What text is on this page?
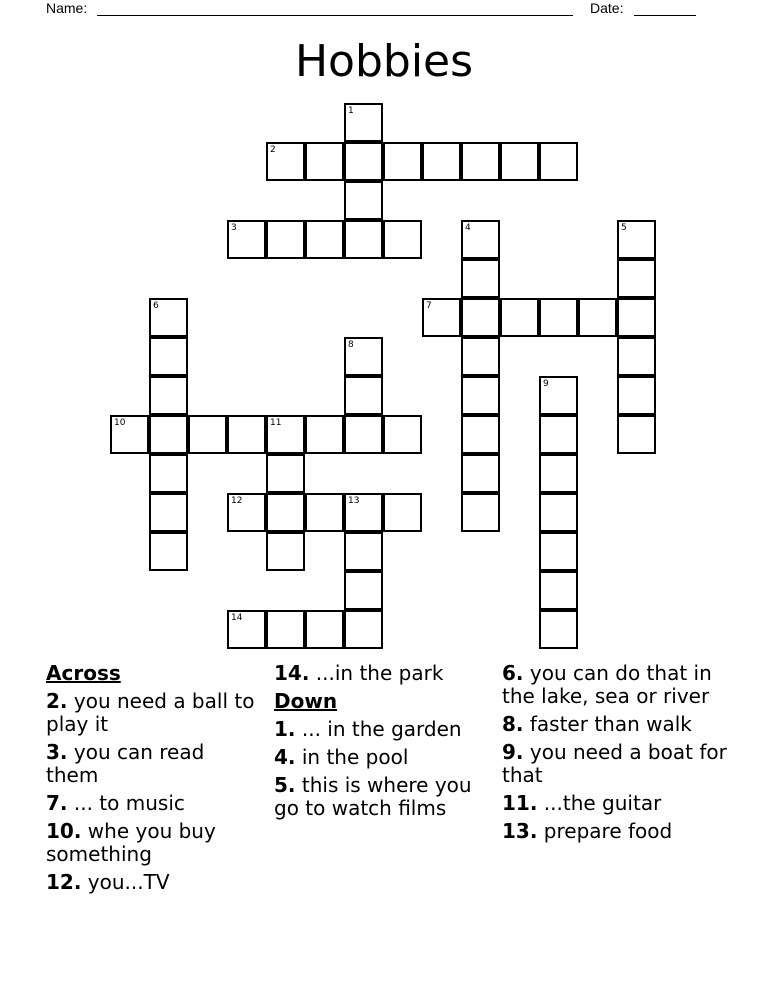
Name:	Date:
Hobbies
1
2
3	4	5
6	7
8
9
10	11
12	13
14
Across
2. you need a ball to play it
3. you can read them
7. ... to music
10. whe you buy something
12. you...TV
14. ...in the park
Down
1. ... in the garden
4. in the pool
5. this is where you go to watch films
6. you can do that in the lake, sea or river
8. faster than walk
9. you need a boat for that
11. ...the guitar
13. prepare food
